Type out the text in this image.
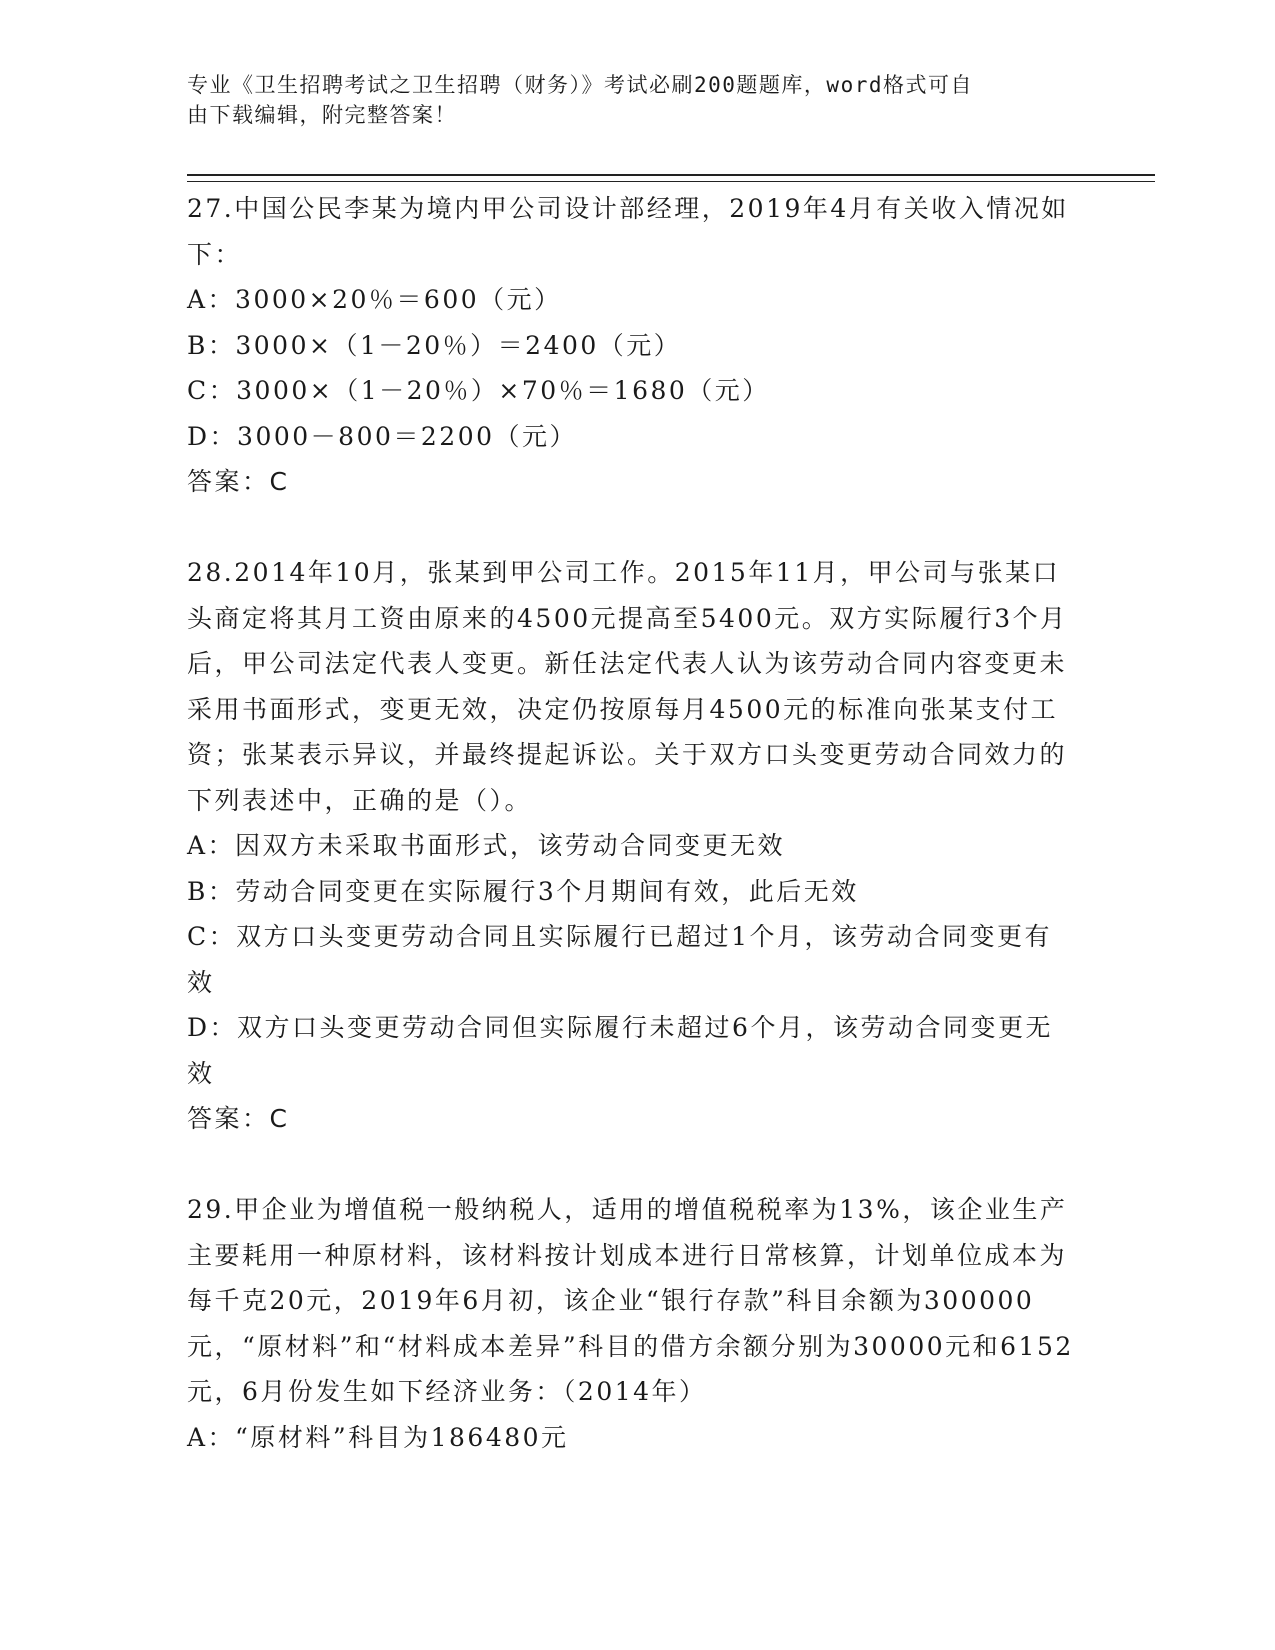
专业《卫生招聘考试之卫生招聘（财务）》考试必刷200题题库，word格式可自
由下载编辑，附完整答案！

27.中国公民李某为境内甲公司设计部经理，2019年4月有关收入情况如下：

A：3000×20％＝600（元）

B：3000×（1－20％）＝2400（元）

C：3000×（1－20％）×70％＝1680（元）

D：3000－800＝2200（元）

答案：C

28.2014年10月，张某到甲公司工作。2015年11月，甲公司与张某口头商定将其月工资由原来的4500元提高至5400元。双方实际履行3个月后，甲公司法定代表人变更。新任法定代表人认为该劳动合同内容变更未采用书面形式，变更无效，决定仍按原每月4500元的标准向张某支付工资；张某表示异议，并最终提起诉讼。关于双方口头变更劳动合同效力的下列表述中，正确的是（）。

A：因双方未采取书面形式，该劳动合同变更无效

B：劳动合同变更在实际履行3个月期间有效，此后无效

C：双方口头变更劳动合同且实际履行已超过1个月，该劳动合同变更有效

D：双方口头变更劳动合同但实际履行未超过6个月，该劳动合同变更无效

答案：C

29.甲企业为增值税一般纳税人，适用的增值税税率为13%，该企业生产主要耗用一种原材料，该材料按计划成本进行日常核算，计划单位成本为每千克20元，2019年6月初，该企业“银行存款”科目余额为300000元，“原材料”和“材料成本差异”科目的借方余额分别为30000元和6152元，6月份发生如下经济业务：（2014年）

A：“原材料”科目为186480元
